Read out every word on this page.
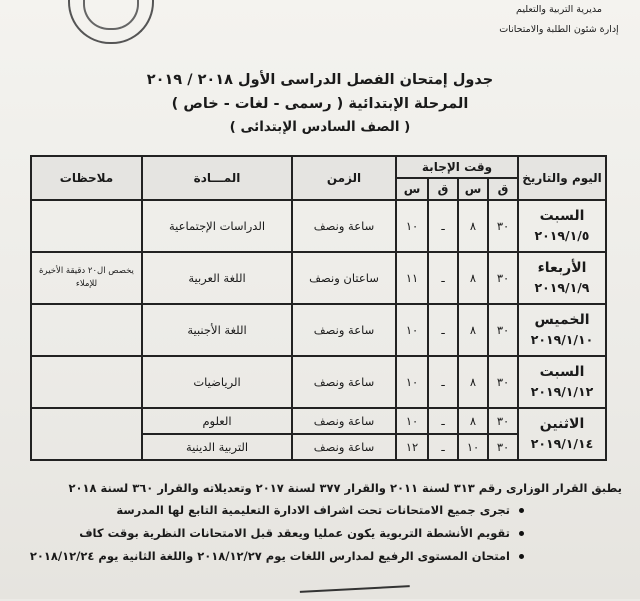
مديرية التربية والتعليم
إدارة شئون الطلبة والامتحانات
جدول إمتحان الفصل الدراسى الأول ٢٠١٨ / ٢٠١٩
المرحلة الإبتدائية ( رسمى - لغات - خاص )
( الصف السادس الإبتدائى )
اليوم والتاريخ	وقت الإجابة				الزمن	المـــادة	ملاحظات
	ق	س	ق	س			

السبت
٢٠١٩/١/٥	٣٠	٨	ـ	١٠	ساعة ونصف	الدراسات الإجتماعية	

الأربعاء
٢٠١٩/١/٩	٣٠	٨	ـ	١١	ساعتان ونصف	اللغة العربية	يخصص ال٢٠ دقيقة الأخيرة للإملاء

الخميس
٢٠١٩/١/١٠	٣٠	٨	ـ	١٠	ساعة ونصف	اللغة الأجنبية	

السبت
٢٠١٩/١/١٢	٣٠	٨	ـ	١٠	ساعة ونصف	الرياضيات	

الاثنين
٢٠١٩/١/١٤	٣٠	٨	ـ	١٠	ساعة ونصف	العلوم	
	٣٠	١٠	ـ	١٢	ساعة ونصف	التربية الدينية	
يطبق القرار الوزارى رقم ٣١٣ لسنة ٢٠١١ والقرار ٣٧٧ لسنة ٢٠١٧ وتعديلاته والقرار ٣٦٠ لسنة ٢٠١٨
تجرى جميع الامتحانات تحت اشراف الادارة التعليمية التابع لها المدرسة
تقويم الأنشطة التربوية يكون عمليا ويعقد قبل الامتحانات النظرية بوقت كاف
امتحان المستوى الرفيع لمدارس اللغات يوم ٢٠١٨/١٢/٢٧ واللغة الثانية يوم ٢٠١٨/١٢/٢٤
